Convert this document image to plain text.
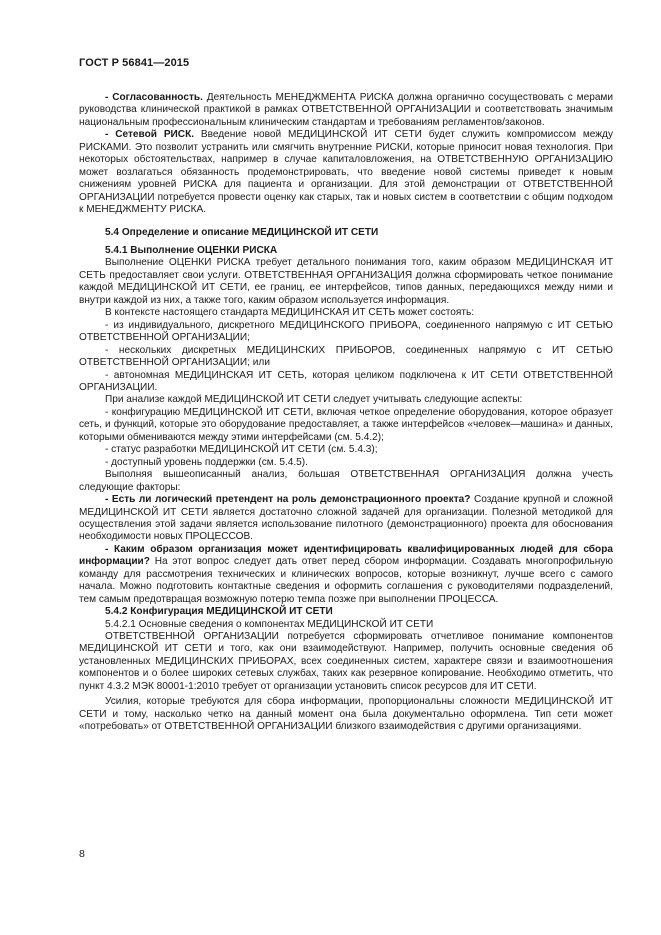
ГОСТ Р 56841—2015

- Согласованность. Деятельность МЕНЕДЖМЕНТА РИСКА должна органично сосуществовать с мерами руководства клинической практикой в рамках ОТВЕТСТВЕННОЙ ОРГАНИЗАЦИИ и соответствовать значимым национальным профессиональным клиническим стандартам и требованиям регламентов/законов.

- Сетевой РИСК. Введение новой МЕДИЦИНСКОЙ ИТ СЕТИ будет служить компромиссом между РИСКАМИ. Это позволит устранить или смягчить внутренние РИСКИ, которые приносит новая технология. При некоторых обстоятельствах, например в случае капиталовложения, на ОТВЕТСТВЕННУЮ ОРГАНИЗАЦИЮ может возлагаться обязанность продемонстрировать, что введение новой системы приведет к новым снижениям уровней РИСКА для пациента и организации. Для этой демонстрации от ОТВЕТСТВЕННОЙ ОРГАНИЗАЦИИ потребуется провести оценку как старых, так и новых систем в соответствии с общим подходом к МЕНЕДЖМЕНТУ РИСКА.

5.4 Определение и описание МЕДИЦИНСКОЙ ИТ СЕТИ
5.4.1 Выполнение ОЦЕНКИ РИСКА

Выполнение ОЦЕНКИ РИСКА требует детального понимания того, каким образом МЕДИЦИНСКАЯ ИТ СЕТЬ предоставляет свои услуги. ОТВЕТСТВЕННАЯ ОРГАНИЗАЦИЯ должна сформировать четкое понимание каждой МЕДИЦИНСКОЙ ИТ СЕТИ, ее границ, ее интерфейсов, типов данных, передающихся между ними и внутри каждой из них, а также того, каким образом используется информация.

В контексте настоящего стандарта МЕДИЦИНСКАЯ ИТ СЕТЬ может состоять:

- из индивидуального, дискретного МЕДИЦИНСКОГО ПРИБОРА, соединенного напрямую с ИТ СЕТЬЮ ОТВЕТСТВЕННОЙ ОРГАНИЗАЦИИ;

- нескольких дискретных МЕДИЦИНСКИХ ПРИБОРОВ, соединенных напрямую с ИТ СЕТЬЮ ОТВЕТСТВЕННОЙ ОРГАНИЗАЦИИ; или

- автономная МЕДИЦИНСКАЯ ИТ СЕТЬ, которая целиком подключена к ИТ СЕТИ ОТВЕТСТВЕННОЙ ОРГАНИЗАЦИИ.

При анализе каждой МЕДИЦИНСКОЙ ИТ СЕТИ следует учитывать следующие аспекты:

- конфигурацию МЕДИЦИНСКОЙ ИТ СЕТИ, включая четкое определение оборудования, которое образует сеть, и функций, которые это оборудование предоставляет, а также интерфейсов «человек—машина» и данных, которыми обмениваются между этими интерфейсами (см. 5.4.2);

- статус разработки МЕДИЦИНСКОЙ ИТ СЕТИ (см. 5.4.3);

- доступный уровень поддержки (см. 5.4.5).

Выполняя вышеописанный анализ, большая ОТВЕТСТВЕННАЯ ОРГАНИЗАЦИЯ должна учесть следующие факторы:

- Есть ли логический претендент на роль демонстрационного проекта? Создание крупной и сложной МЕДИЦИНСКОЙ ИТ СЕТИ является достаточно сложной задачей для организации. Полезной методикой для осуществления этой задачи является использование пилотного (демонстрационного) проекта для обоснования необходимости новых ПРОЦЕССОВ.

- Каким образом организация может идентифицировать квалифицированных людей для сбора информации? На этот вопрос следует дать ответ перед сбором информации. Создавать многопрофильную команду для рассмотрения технических и клинических вопросов, которые возникнут, лучше всего с самого начала. Можно подготовить контактные сведения и оформить соглашения с руководителями подразделений, тем самым предотвращая возможную потерю темпа позже при выполнении ПРОЦЕССА.

5.4.2 Конфигурация МЕДИЦИНСКОЙ ИТ СЕТИ
5.4.2.1 Основные сведения о компонентах МЕДИЦИНСКОЙ ИТ СЕТИ

ОТВЕТСТВЕННОЙ ОРГАНИЗАЦИИ потребуется сформировать отчетливое понимание компонентов МЕДИЦИНСКОЙ ИТ СЕТИ и того, как они взаимодействуют. Например, получить основные сведения об установленных МЕДИЦИНСКИХ ПРИБОРАХ, всех соединенных систем, характере связи и взаимоотношения компонентов и о более широких сетевых службах, таких как резервное копирование. Необходимо отметить, что пункт 4.3.2 МЭК 80001-1:2010 требует от организации установить список ресурсов для ИТ СЕТИ.

Усилия, которые требуются для сбора информации, пропорциональны сложности МЕДИЦИНСКОЙ ИТ СЕТИ и тому, насколько четко на данный момент она была документально оформлена. Тип сети может «потребовать» от ОТВЕТСТВЕННОЙ ОРГАНИЗАЦИИ близкого взаимодействия с другими организациями.

8
